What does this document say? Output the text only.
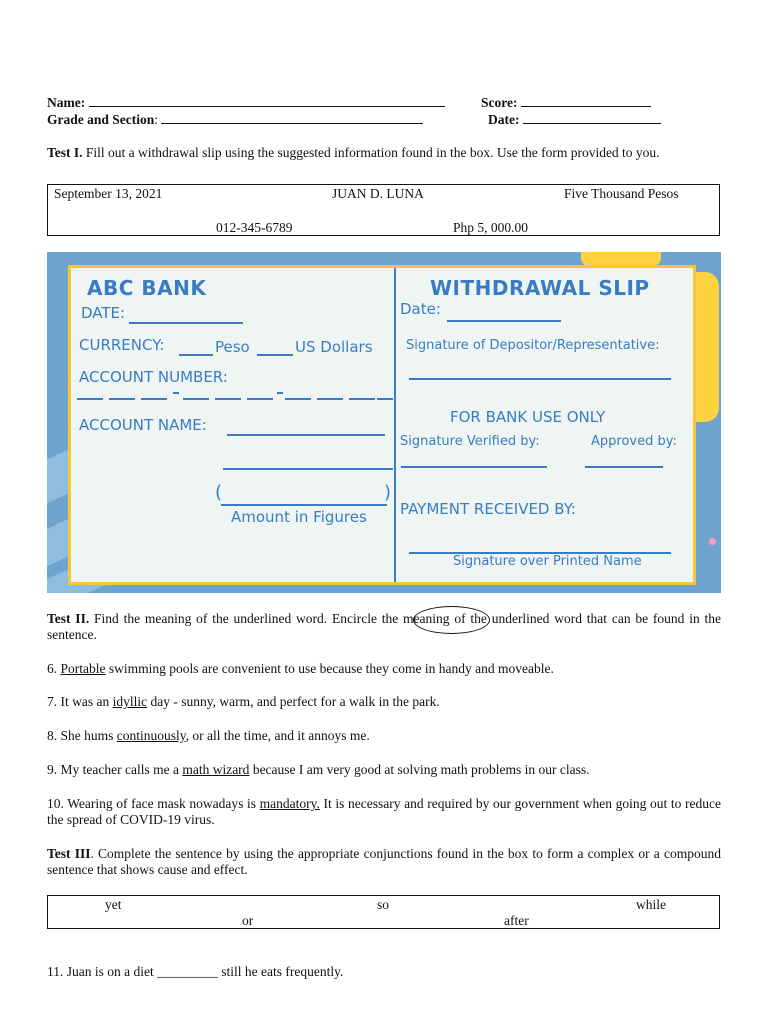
Name:	Score:
Grade and Section:	Date:
Test I. Fill out a withdrawal slip using the suggested information found in the box. Use the form provided to you.
September 13, 2021	JUAN D. LUNA	Five Thousand Pesos
012-345-6789	Php 5, 000.00
ABC BANK
DATE:
CURRENCY:	Peso	US Dollars
ACCOUNT NUMBER:
ACCOUNT NAME:
(	)
Amount in Figures
WITHDRAWAL SLIP
Date:
Signature of Depositor/Representative:
FOR BANK USE ONLY
Signature Verified by:	Approved by:
PAYMENT RECEIVED BY:
Signature over Printed Name
Test II. Find the meaning of the underlined word. Encircle the meaning of the underlined word that can be found in the sentence.
6. Portable swimming pools are convenient to use because they come in handy and moveable.
7. It was an idyllic day - sunny, warm, and perfect for a walk in the park.
8. She hums continuously, or all the time, and it annoys me.
9. My teacher calls me a math wizard because I am very good at solving math problems in our class.
10. Wearing of face mask nowadays is mandatory. It is necessary and required by our government when going out to reduce the spread of COVID-19 virus.
Test III. Complete the sentence by using the appropriate conjunctions found in the box to form a complex or a compound sentence that shows cause and effect.
yet	so	while
or	after
11. Juan is on a diet _________ still he eats frequently.
